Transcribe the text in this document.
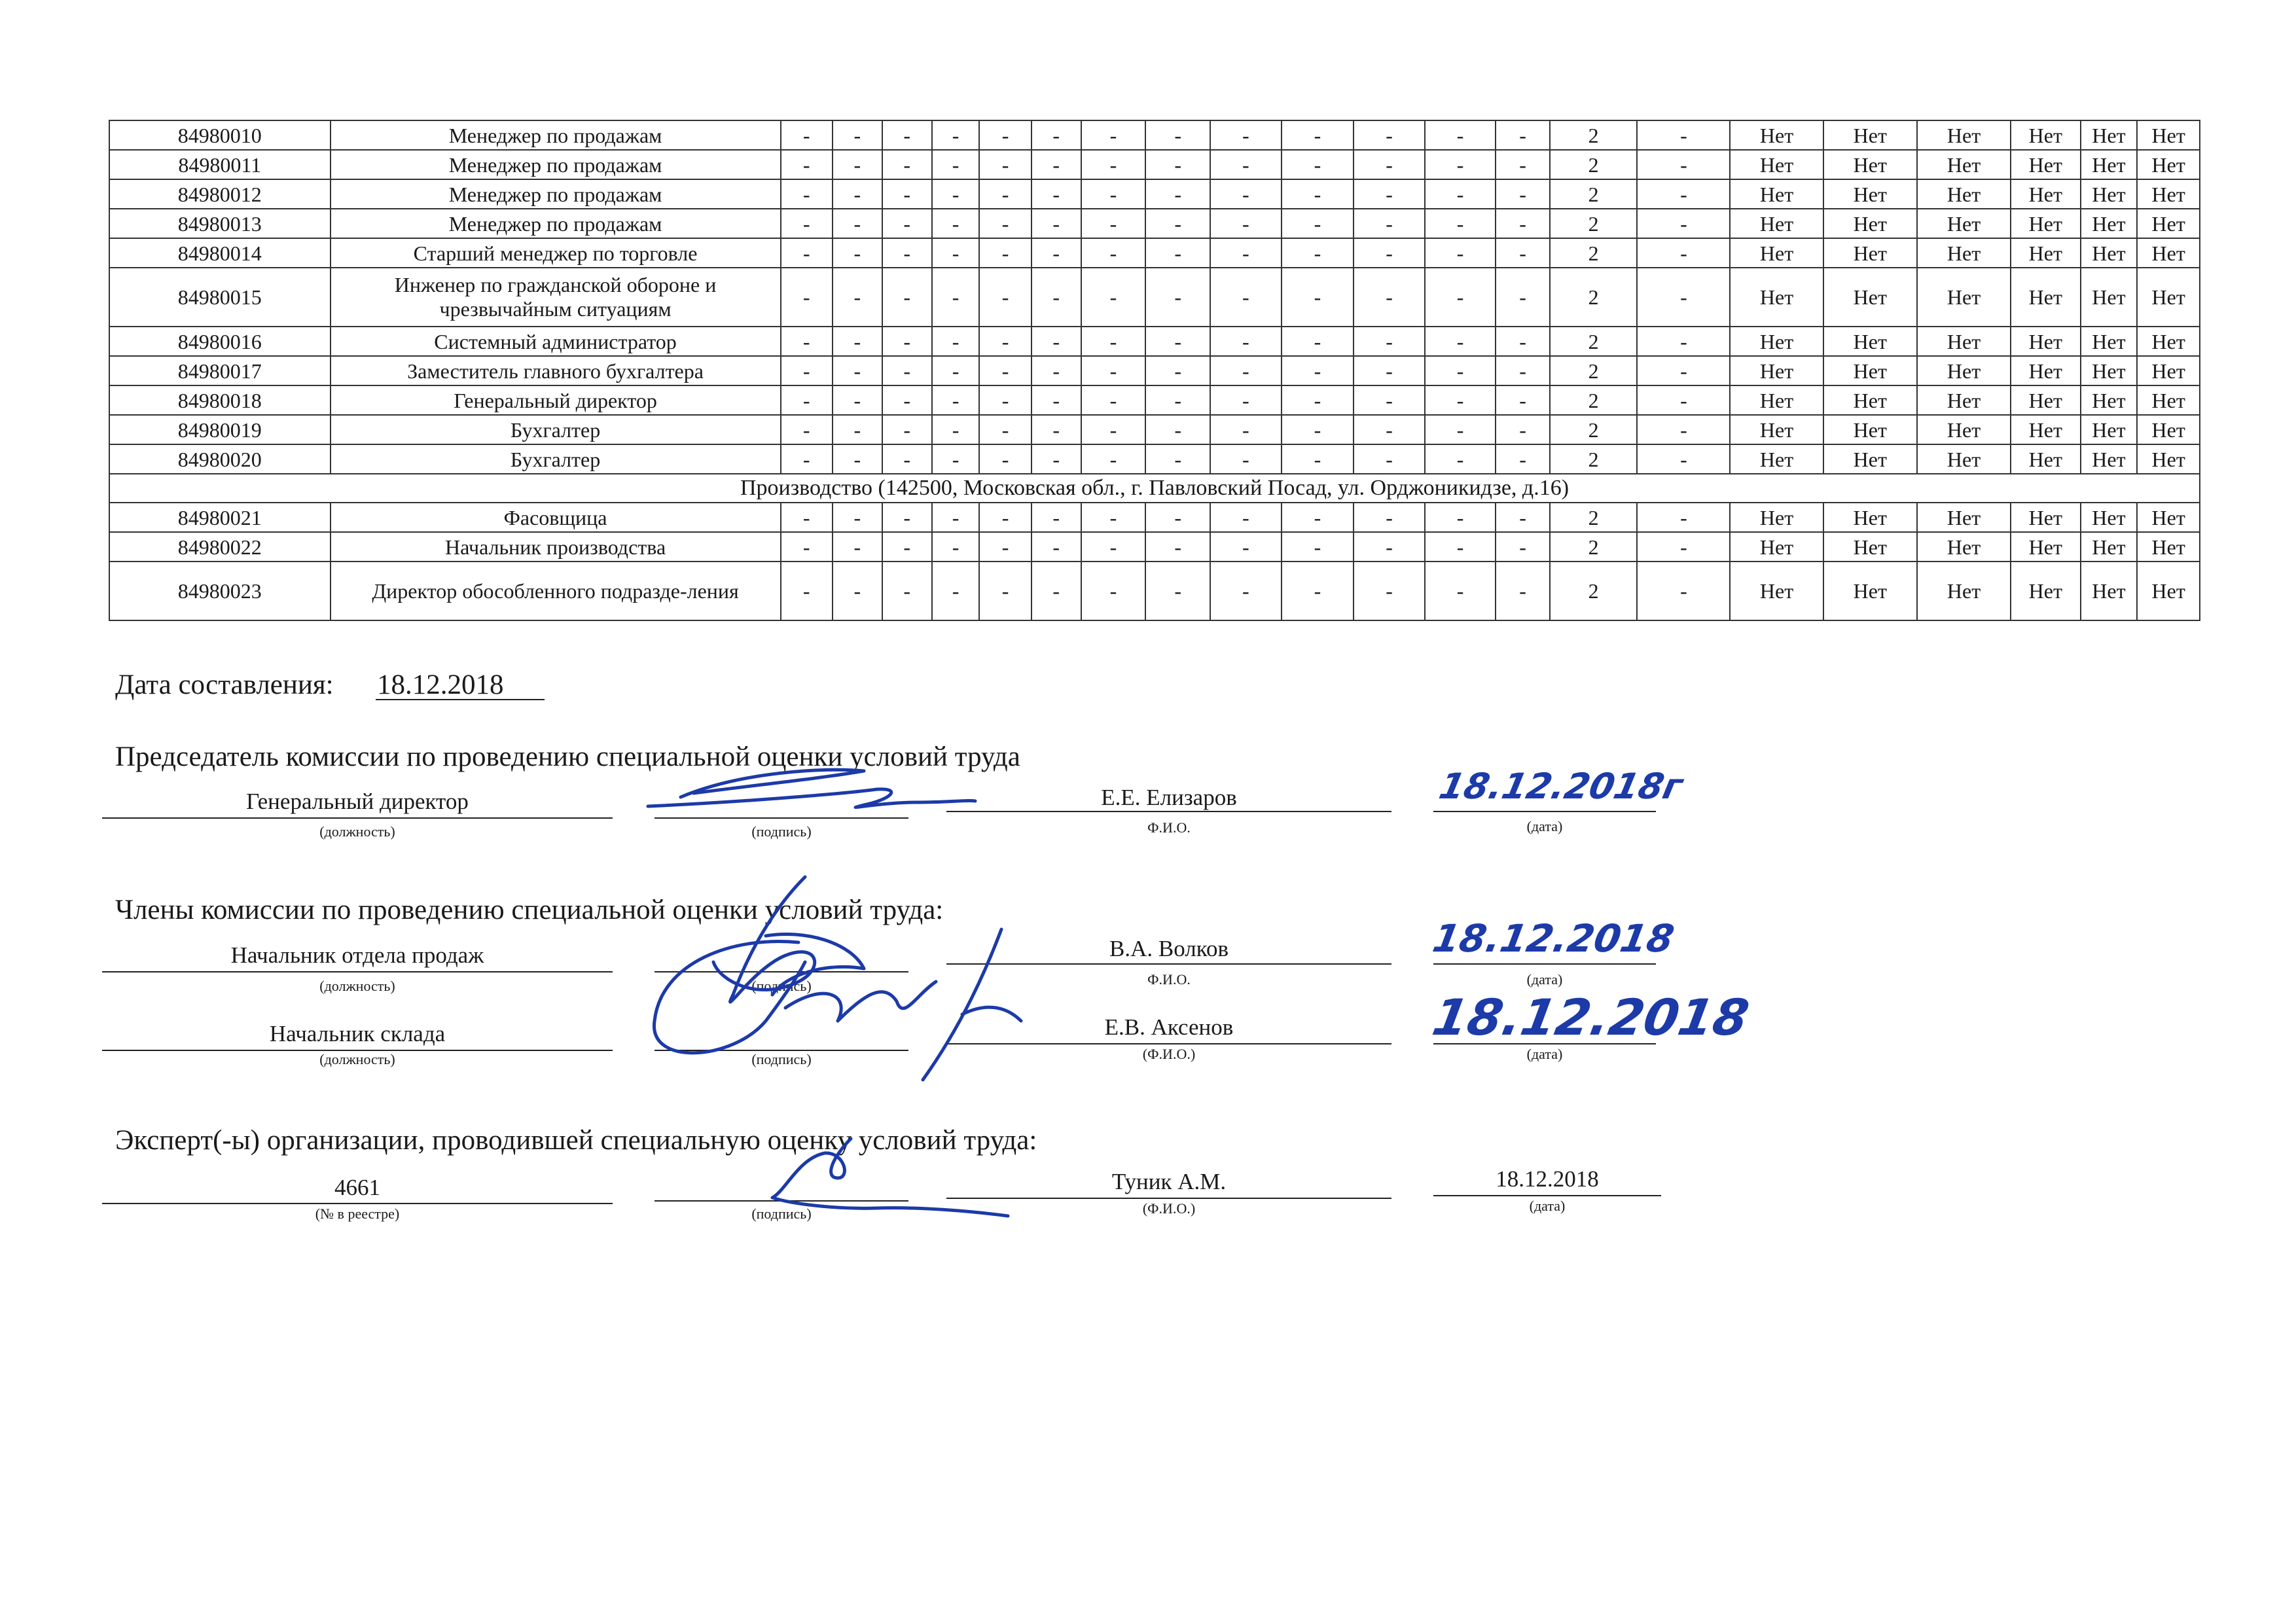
84980010	Менеджер по продажам	-	-	-	-	-	-	-	-	-	-	-	-	-	2	-	Нет	Нет	Нет	Нет	Нет	Нет
84980011	Менеджер по продажам	-	-	-	-	-	-	-	-	-	-	-	-	-	2	-	Нет	Нет	Нет	Нет	Нет	Нет
84980012	Менеджер по продажам	-	-	-	-	-	-	-	-	-	-	-	-	-	2	-	Нет	Нет	Нет	Нет	Нет	Нет
84980013	Менеджер по продажам	-	-	-	-	-	-	-	-	-	-	-	-	-	2	-	Нет	Нет	Нет	Нет	Нет	Нет
84980014	Старший менеджер по торговле	-	-	-	-	-	-	-	-	-	-	-	-	-	2	-	Нет	Нет	Нет	Нет	Нет	Нет
84980015	Инженер по гражданской обороне и чрезвычайным ситуациям	-	-	-	-	-	-	-	-	-	-	-	-	-	2	-	Нет	Нет	Нет	Нет	Нет	Нет
84980016	Системный администратор	-	-	-	-	-	-	-	-	-	-	-	-	-	2	-	Нет	Нет	Нет	Нет	Нет	Нет
84980017	Заместитель главного бухгалтера	-	-	-	-	-	-	-	-	-	-	-	-	-	2	-	Нет	Нет	Нет	Нет	Нет	Нет
84980018	Генеральный директор	-	-	-	-	-	-	-	-	-	-	-	-	-	2	-	Нет	Нет	Нет	Нет	Нет	Нет
84980019	Бухгалтер	-	-	-	-	-	-	-	-	-	-	-	-	-	2	-	Нет	Нет	Нет	Нет	Нет	Нет
84980020	Бухгалтер	-	-	-	-	-	-	-	-	-	-	-	-	-	2	-	Нет	Нет	Нет	Нет	Нет	Нет
Производство (142500, Московская обл., г. Павловский Посад, ул. Орджоникидзе, д.16)																						
84980021	Фасовщица	-	-	-	-	-	-	-	-	-	-	-	-	-	2	-	Нет	Нет	Нет	Нет	Нет	Нет
84980022	Начальник производства	-	-	-	-	-	-	-	-	-	-	-	-	-	2	-	Нет	Нет	Нет	Нет	Нет	Нет
84980023	Директор обособленного подразде-ления	-	-	-	-	-	-	-	-	-	-	-	-	-	2	-	Нет	Нет	Нет	Нет	Нет	Нет
Дата составления: 18.12.2018
Председатель комиссии по проведению специальной оценки условий труда
Генеральный директор	Е.Е. Елизаров
(должность)	(подпись)	Ф.И.О.	(дата)
18.12.2018г
Члены комиссии по проведению специальной оценки условий труда:
Начальник отдела продаж	В.А. Волков
(должность)	(подпись)	Ф.И.О.	(дата)
18.12.2018
Начальник склада	Е.В. Аксенов
(должность)	(подпись)	(Ф.И.О.)	(дата)
18.12.2018
Эксперт(-ы) организации, проводившей специальную оценку условий труда:
4661	Туник А.М.	18.12.2018
(№ в реестре)	(подпись)	(Ф.И.О.)	(дата)
